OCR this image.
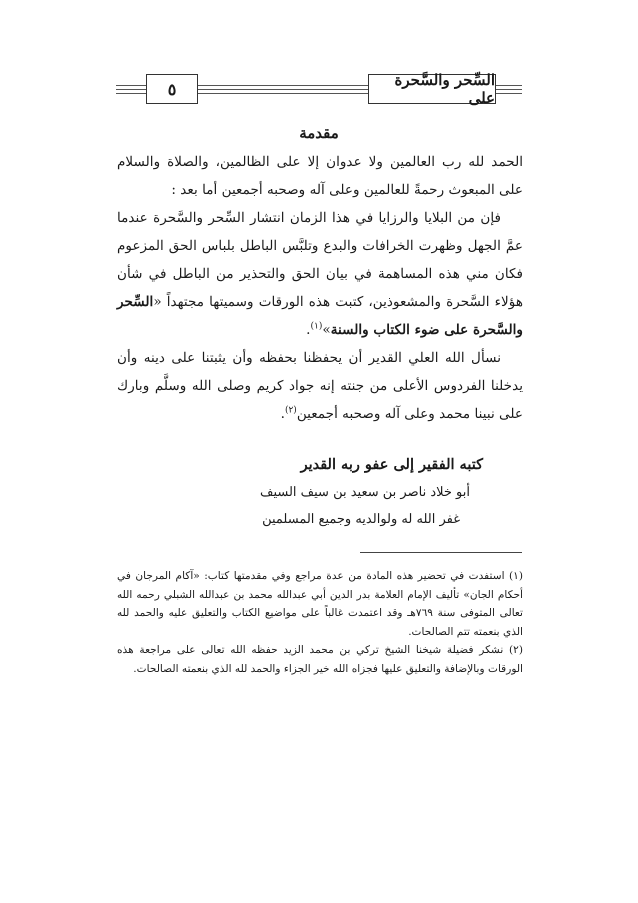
السِّحر والسَّحرة على
٥
مقدمة

الحمد لله رب العالمين ولا عدوان إلا على الظالمين، والصلاة والسلام على المبعوث رحمةً للعالمين وعلى آله وصحبه أجمعين أما بعد :

فإن من البلايا والرزايا في هذا الزمان انتشار السِّحر والسَّحرة عندما عمَّ الجهل وظهرت الخرافات والبدع وتلبَّس الباطل بلباس الحق المزعوم فكان مني هذه المساهمة في بيان الحق والتحذير من الباطل في شأن هؤلاء السَّحرة والمشعوذين، كتبت هذه الورقات وسميتها مجتهداً «السِّحر والسَّحرة على ضوء الكتاب والسنة»$^{(١)}$.

نسأل الله العلي القدير أن يحفظنا بحفظه وأن يثبتنا على دينه وأن يدخلنا الفردوس الأعلى من جنته إنه جواد كريم وصلى الله وسلَّم وبارك على نبينا محمد وعلى آله وصحبه أجمعين$^{(٢)}$.

كتبه الفقير إلى عفو ربه القدير
أبو خلاد ناصر بن سعيد بن سيف السيف
غفر الله له ولوالديه وجميع المسلمين

(١) استفدت في تحضير هذه المادة من عدة مراجع وفي مقدمتها كتاب: «آكام المرجان في أحكام الجان» تأليف الإمام العلامة بدر الدين أبي عبدالله محمد بن عبدالله الشبلي رحمه الله تعالى المتوفى سنة ٧٦٩هـ وقد اعتمدت غالباً على مواضيع الكتاب والتعليق عليه والحمد لله الذي بنعمته تتم الصالحات.

(٢) نشكر فضيلة شيخنا الشيخ تركي بن محمد الزيد حفظه الله تعالى على مراجعة هذه الورقات وبالإضافة والتعليق عليها فجزاه الله خير الجزاء والحمد لله الذي بنعمته الصالحات.
